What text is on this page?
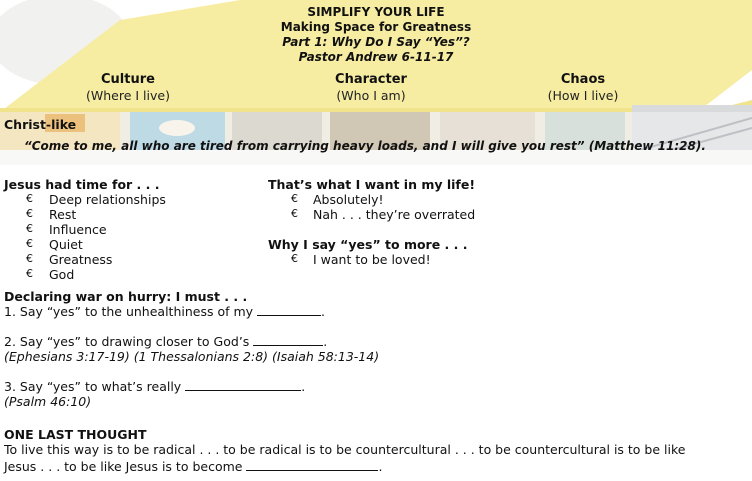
SIMPLIFY YOUR LIFE
Making Space for Greatness
Part 1: Why Do I Say “Yes”?
Pastor Andrew 6-11-17
Culture
(Where I live)
Character
(Who I am)
Chaos
(How I live)
Christ-like
“Come to me, all who are tired from carrying heavy loads, and I will give you rest” (Matthew 11:28).
Jesus had time for . . .
€ Deep relationships
€ Rest
€ Influence
€ Quiet
€ Greatness
€ God
That’s what I want in my life!
€ Absolutely!
€ Nah . . . they’re overrated
Why I say “yes” to more . . .
€ I want to be loved!
Declaring war on hurry: I must . . .
1. Say “yes” to the unhealthiness of my	.
2. Say “yes” to drawing closer to God’s	.
(Ephesians 3:17-19) (1 Thessalonians 2:8) (Isaiah 58:13-14)
3. Say “yes” to what’s really	.
(Psalm 46:10)
ONE LAST THOUGHT
To live this way is to be radical . . . to be radical is to be countercultural . . . to be countercultural is to be like
Jesus . . . to be like Jesus is to become	.
